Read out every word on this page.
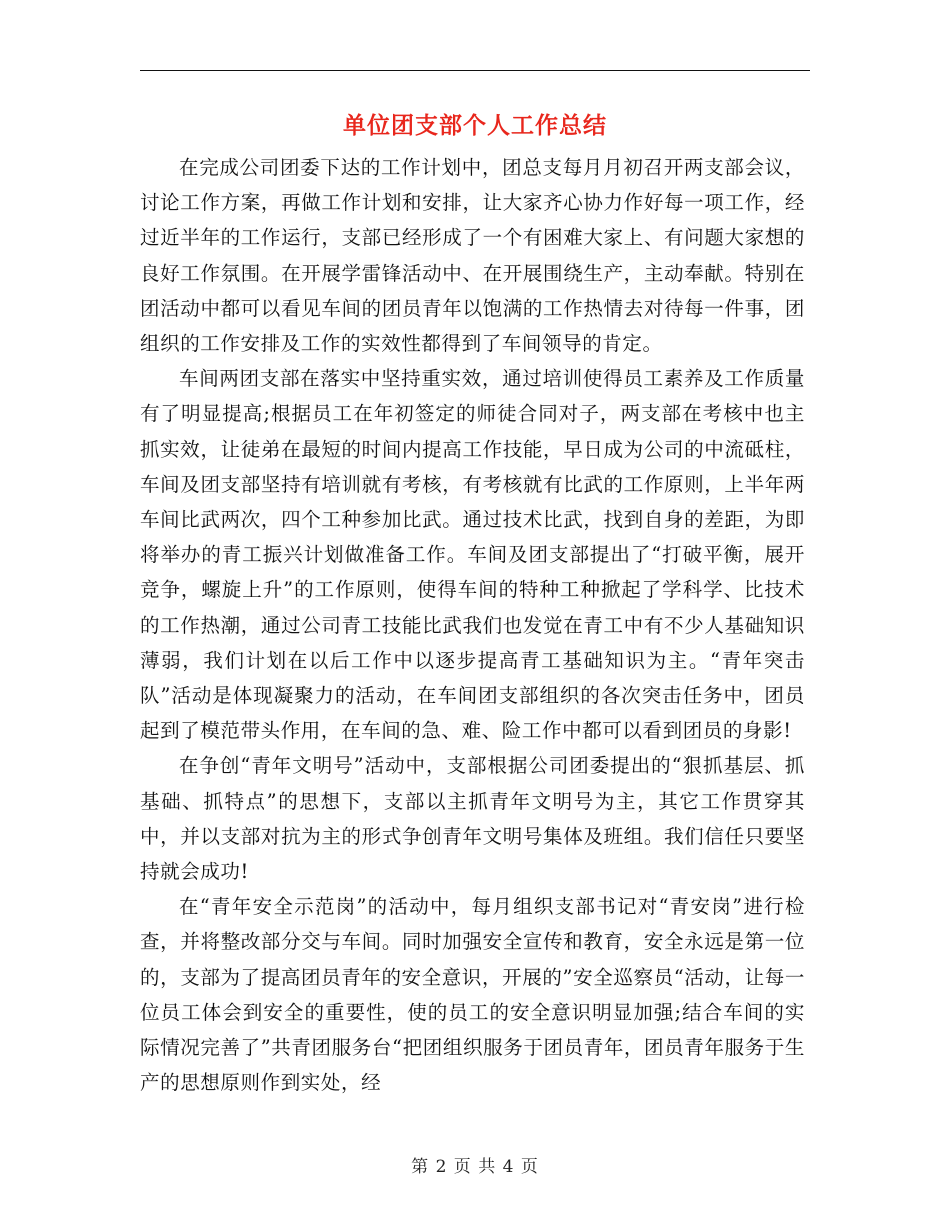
单位团支部个人工作总结

在完成公司团委下达的工作计划中，团总支每月月初召开两支部会议，讨论工作方案，再做工作计划和安排，让大家齐心协力作好每一项工作，经过近半年的工作运行，支部已经形成了一个有困难大家上、有问题大家想的良好工作氛围。在开展学雷锋活动中、在开展围绕生产，主动奉献。特别在团活动中都可以看见车间的团员青年以饱满的工作热情去对待每一件事，团组织的工作安排及工作的实效性都得到了车间领导的肯定。

车间两团支部在落实中坚持重实效，通过培训使得员工素养及工作质量有了明显提高;根据员工在年初签定的师徒合同对子，两支部在考核中也主抓实效，让徒弟在最短的时间内提高工作技能，早日成为公司的中流砥柱，车间及团支部坚持有培训就有考核，有考核就有比武的工作原则，上半年两车间比武两次，四个工种参加比武。通过技术比武，找到自身的差距，为即将举办的青工振兴计划做准备工作。车间及团支部提出了“打破平衡，展开竞争，螺旋上升”的工作原则，使得车间的特种工种掀起了学科学、比技术的工作热潮，通过公司青工技能比武我们也发觉在青工中有不少人基础知识薄弱，我们计划在以后工作中以逐步提高青工基础知识为主。“青年突击队”活动是体现凝聚力的活动，在车间团支部组织的各次突击任务中，团员起到了模范带头作用，在车间的急、难、险工作中都可以看到团员的身影!

在争创“青年文明号”活动中，支部根据公司团委提出的“狠抓基层、抓基础、抓特点”的思想下，支部以主抓青年文明号为主，其它工作贯穿其中，并以支部对抗为主的形式争创青年文明号集体及班组。我们信任只要坚持就会成功!

在“青年安全示范岗”的活动中，每月组织支部书记对“青安岗”进行检查，并将整改部分交与车间。同时加强安全宣传和教育，安全永远是第一位的，支部为了提高团员青年的安全意识，开展的”安全巡察员“活动，让每一位员工体会到安全的重要性，使的员工的安全意识明显加强;结合车间的实际情况完善了”共青团服务台“把团组织服务于团员青年，团员青年服务于生产的思想原则作到实处，经

第 2 页 共 4 页
